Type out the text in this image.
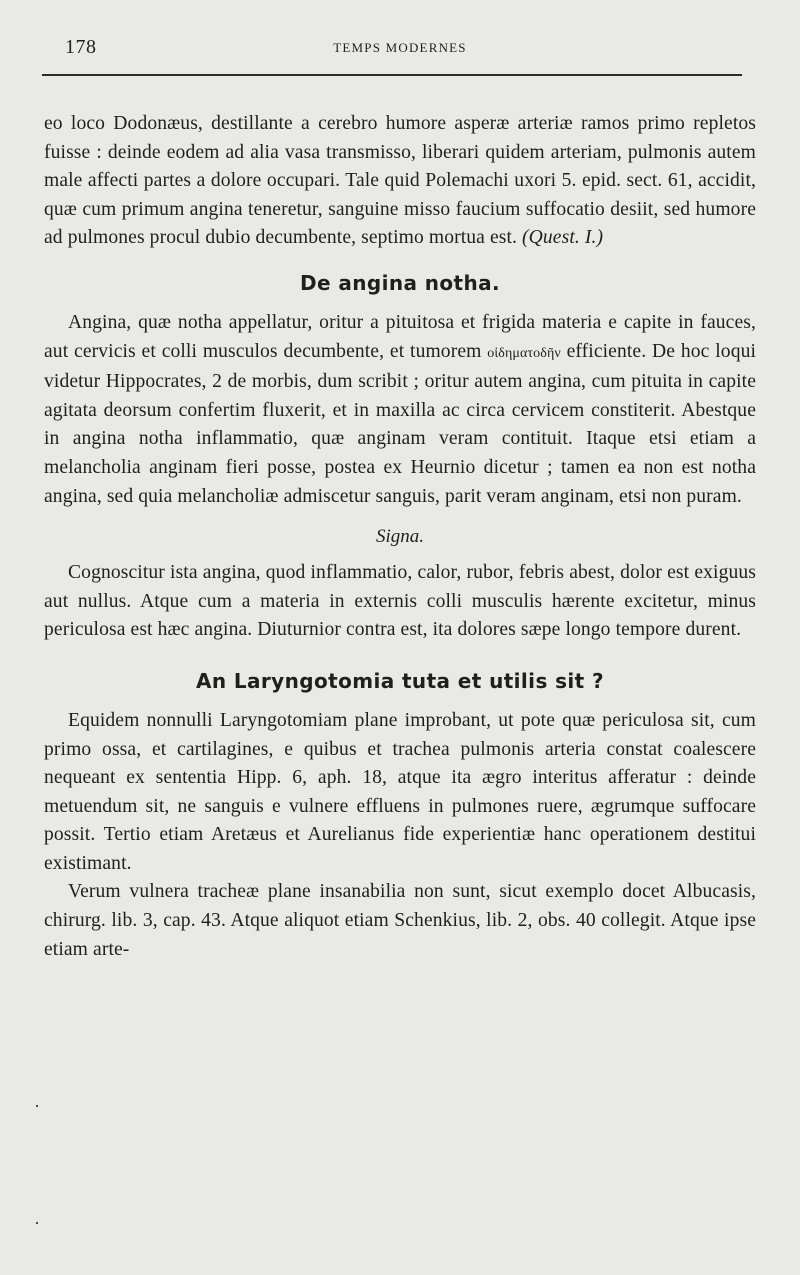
178	TEMPS MODERNES

eo loco Dodonæus, destillante a cerebro humore asperæ arteriæ ramos primo repletos fuisse : deinde eodem ad alia vasa transmisso, liberari quidem arteriam, pulmonis autem male affecti partes a dolore occupari. Tale quid Polemachi uxori 5. epid. sect. 61, accidit, quæ cum primum angina teneretur, sanguine misso faucium suffocatio desiit, sed humore ad pulmones procul dubio decumbente, septimo mortua est. (Quest. I.)

De angina notha.

Angina, quæ notha appellatur, oritur a pituitosa et frigida materia e capite in fauces, aut cervicis et colli musculos decumbente, et tumorem οἰδηματοδῆν efficiente. De hoc loqui videtur Hippocrates, 2 de morbis, dum scribit ; oritur autem angina, cum pituita in capite agitata deorsum confertim fluxerit, et in maxilla ac circa cervicem constiterit. Abestque in angina notha inflammatio, quæ anginam veram contituit. Itaque etsi etiam a melancholia anginam fieri posse, postea ex Heurnio dicetur ; tamen ea non est notha angina, sed quia melancholiæ admiscetur sanguis, parit veram anginam, etsi non puram.

Signa.

Cognoscitur ista angina, quod inflammatio, calor, rubor, febris abest, dolor est exiguus aut nullus. Atque cum a materia in externis colli musculis hærente excitetur, minus periculosa est hæc angina. Diuturnior contra est, ita dolores sæpe longo tempore durent.

An Laryngotomia tuta et utilis sit ?

Equidem nonnulli Laryngotomiam plane improbant, ut pote quæ periculosa sit, cum primo ossa, et cartilagines, e quibus et trachea pulmonis arteria constat coalescere nequeant ex sententia Hipp. 6, aph. 18, atque ita ægro interitus afferatur : deinde metuendum sit, ne sanguis e vulnere effluens in pulmones ruere, ægrumque suffocare possit. Tertio etiam Aretæus et Aurelianus fide experientiæ hanc operationem destitui existimant.

Verum vulnera tracheæ plane insanabilia non sunt, sicut exemplo docet Albucasis, chirurg. lib. 3, cap. 43. Atque aliquot etiam Schenkius, lib. 2, obs. 40 collegit. Atque ipse etiam arte-

·
·
